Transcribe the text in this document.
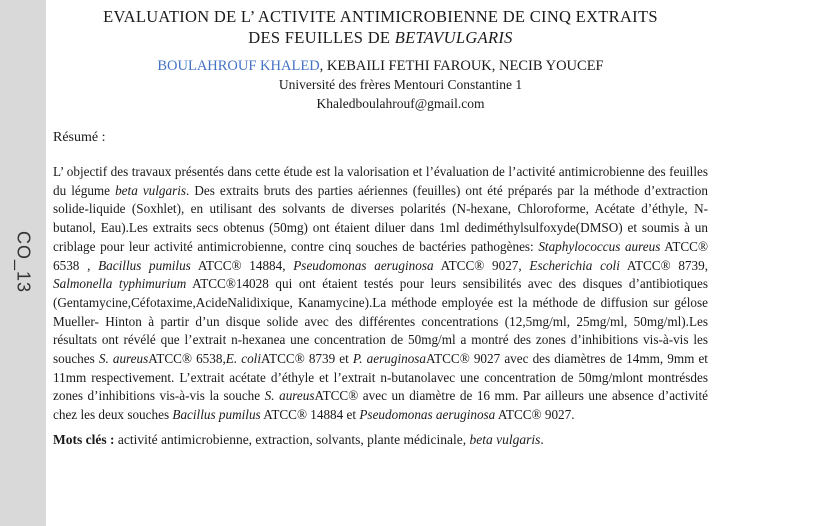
CO_13
EVALUATION DE L’ ACTIVITE ANTIMICROBIENNE DE CINQ EXTRAITS
DES FEUILLES DE BETAVULGARIS
BOULAHROUF KHALED, KEBAILI FETHI FAROUK, NECIB YOUCEF
Université des frères Mentouri Constantine 1
Khaledboulahrouf@gmail.com
Résumé :
L’ objectif des travaux présentés dans cette étude est la valorisation et l’évaluation de l’activité antimicrobienne des feuilles du légume beta vulgaris. Des extraits bruts des parties aériennes (feuilles) ont été préparés par la méthode d’extraction solide-liquide (Soxhlet), en utilisant des solvants de diverses polarités (N-hexane, Chloroforme, Acétate d’éthyle, N-butanol, Eau).Les extraits secs obtenus (50mg) ont étaient diluer dans 1ml dediméthylsulfoxyde(DMSO) et soumis à un criblage pour leur activité antimicrobienne, contre cinq souches de bactéries pathogènes: Staphylococcus aureus ATCC® 6538 , Bacillus pumilus ATCC® 14884, Pseudomonas aeruginosa ATCC® 9027, Escherichia coli ATCC® 8739, Salmonella typhimurium ATCC®14028 qui ont étaient testés pour leurs sensibilités avec des disques d’antibiotiques (Gentamycine,Céfotaxime,AcideNalidixique, Kanamycine).La méthode employée est la méthode de diffusion sur gélose Mueller- Hinton à partir d’un disque solide avec des différentes concentrations (12,5mg/ml, 25mg/ml, 50mg/ml).Les résultats ont révélé que l’extrait n-hexanea une concentration de 50mg/ml a montré des zones d’inhibitions vis-à-vis les souches S. aureusATCC® 6538,E. coliATCC® 8739 et P. aeruginosaATCC® 9027 avec des diamètres de 14mm, 9mm et 11mm respectivement. L’extrait acétate d’éthyle et l’extrait n-butanolavec une concentration de 50mg/mlont montrésdes zones d’inhibitions vis-à-vis la souche S. aureusATCC® avec un diamètre de 16 mm. Par ailleurs une absence d’activité chez les deux souches Bacillus pumilus ATCC® 14884 et Pseudomonas aeruginosa ATCC® 9027.
Mots clés : activité antimicrobienne, extraction, solvants, plante médicinale, beta vulgaris.
